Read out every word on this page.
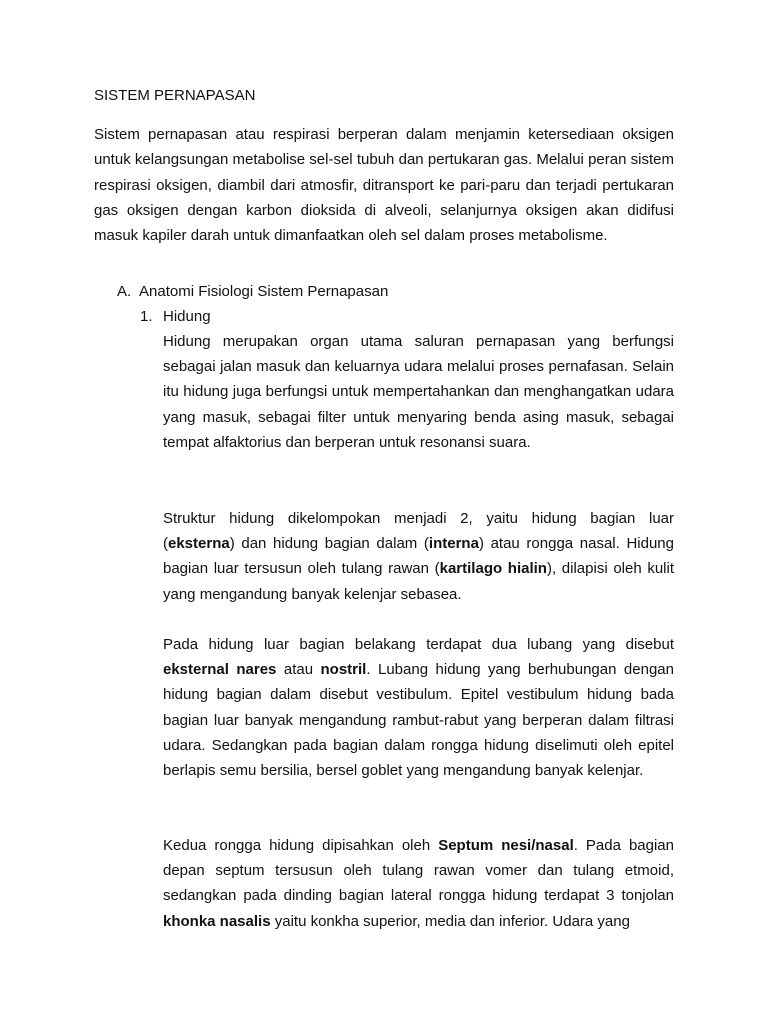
SISTEM PERNAPASAN

Sistem pernapasan atau respirasi berperan dalam menjamin ketersediaan oksigen untuk kelangsungan metabolise sel-sel tubuh dan pertukaran gas. Melalui peran sistem respirasi oksigen, diambil dari atmosfir, ditransport ke pari-paru dan terjadi pertukaran gas oksigen dengan karbon dioksida di alveoli, selanjurnya oksigen akan didifusi masuk kapiler darah untuk dimanfaatkan oleh sel dalam proses metabolisme.

A. Anatomi Fisiologi Sistem Pernapasan
1. Hidung

Hidung merupakan organ utama saluran pernapasan yang berfungsi sebagai jalan masuk dan keluarnya udara melalui proses pernafasan. Selain itu hidung juga berfungsi untuk mempertahankan dan menghangatkan udara yang masuk, sebagai filter untuk menyaring benda asing masuk, sebagai tempat alfaktorius dan berperan untuk resonansi suara.

Struktur hidung dikelompokan menjadi 2, yaitu hidung bagian luar (eksterna) dan hidung bagian dalam (interna) atau rongga nasal. Hidung bagian luar tersusun oleh tulang rawan (kartilago hialin), dilapisi oleh kulit yang mengandung banyak kelenjar sebasea.

Pada hidung luar bagian belakang terdapat dua lubang yang disebut eksternal nares atau nostril. Lubang hidung yang berhubungan dengan hidung bagian dalam disebut vestibulum. Epitel vestibulum hidung bada bagian luar banyak mengandung rambut-rabut yang berperan dalam filtrasi udara. Sedangkan pada bagian dalam rongga hidung diselimuti oleh epitel berlapis semu bersilia, bersel goblet yang mengandung banyak kelenjar.

Kedua rongga hidung dipisahkan oleh Septum nesi/nasal. Pada bagian depan septum tersusun oleh tulang rawan vomer dan tulang etmoid, sedangkan pada dinding bagian lateral rongga hidung terdapat 3 tonjolan khonka nasalis yaitu konkha superior, media dan inferior. Udara yang
